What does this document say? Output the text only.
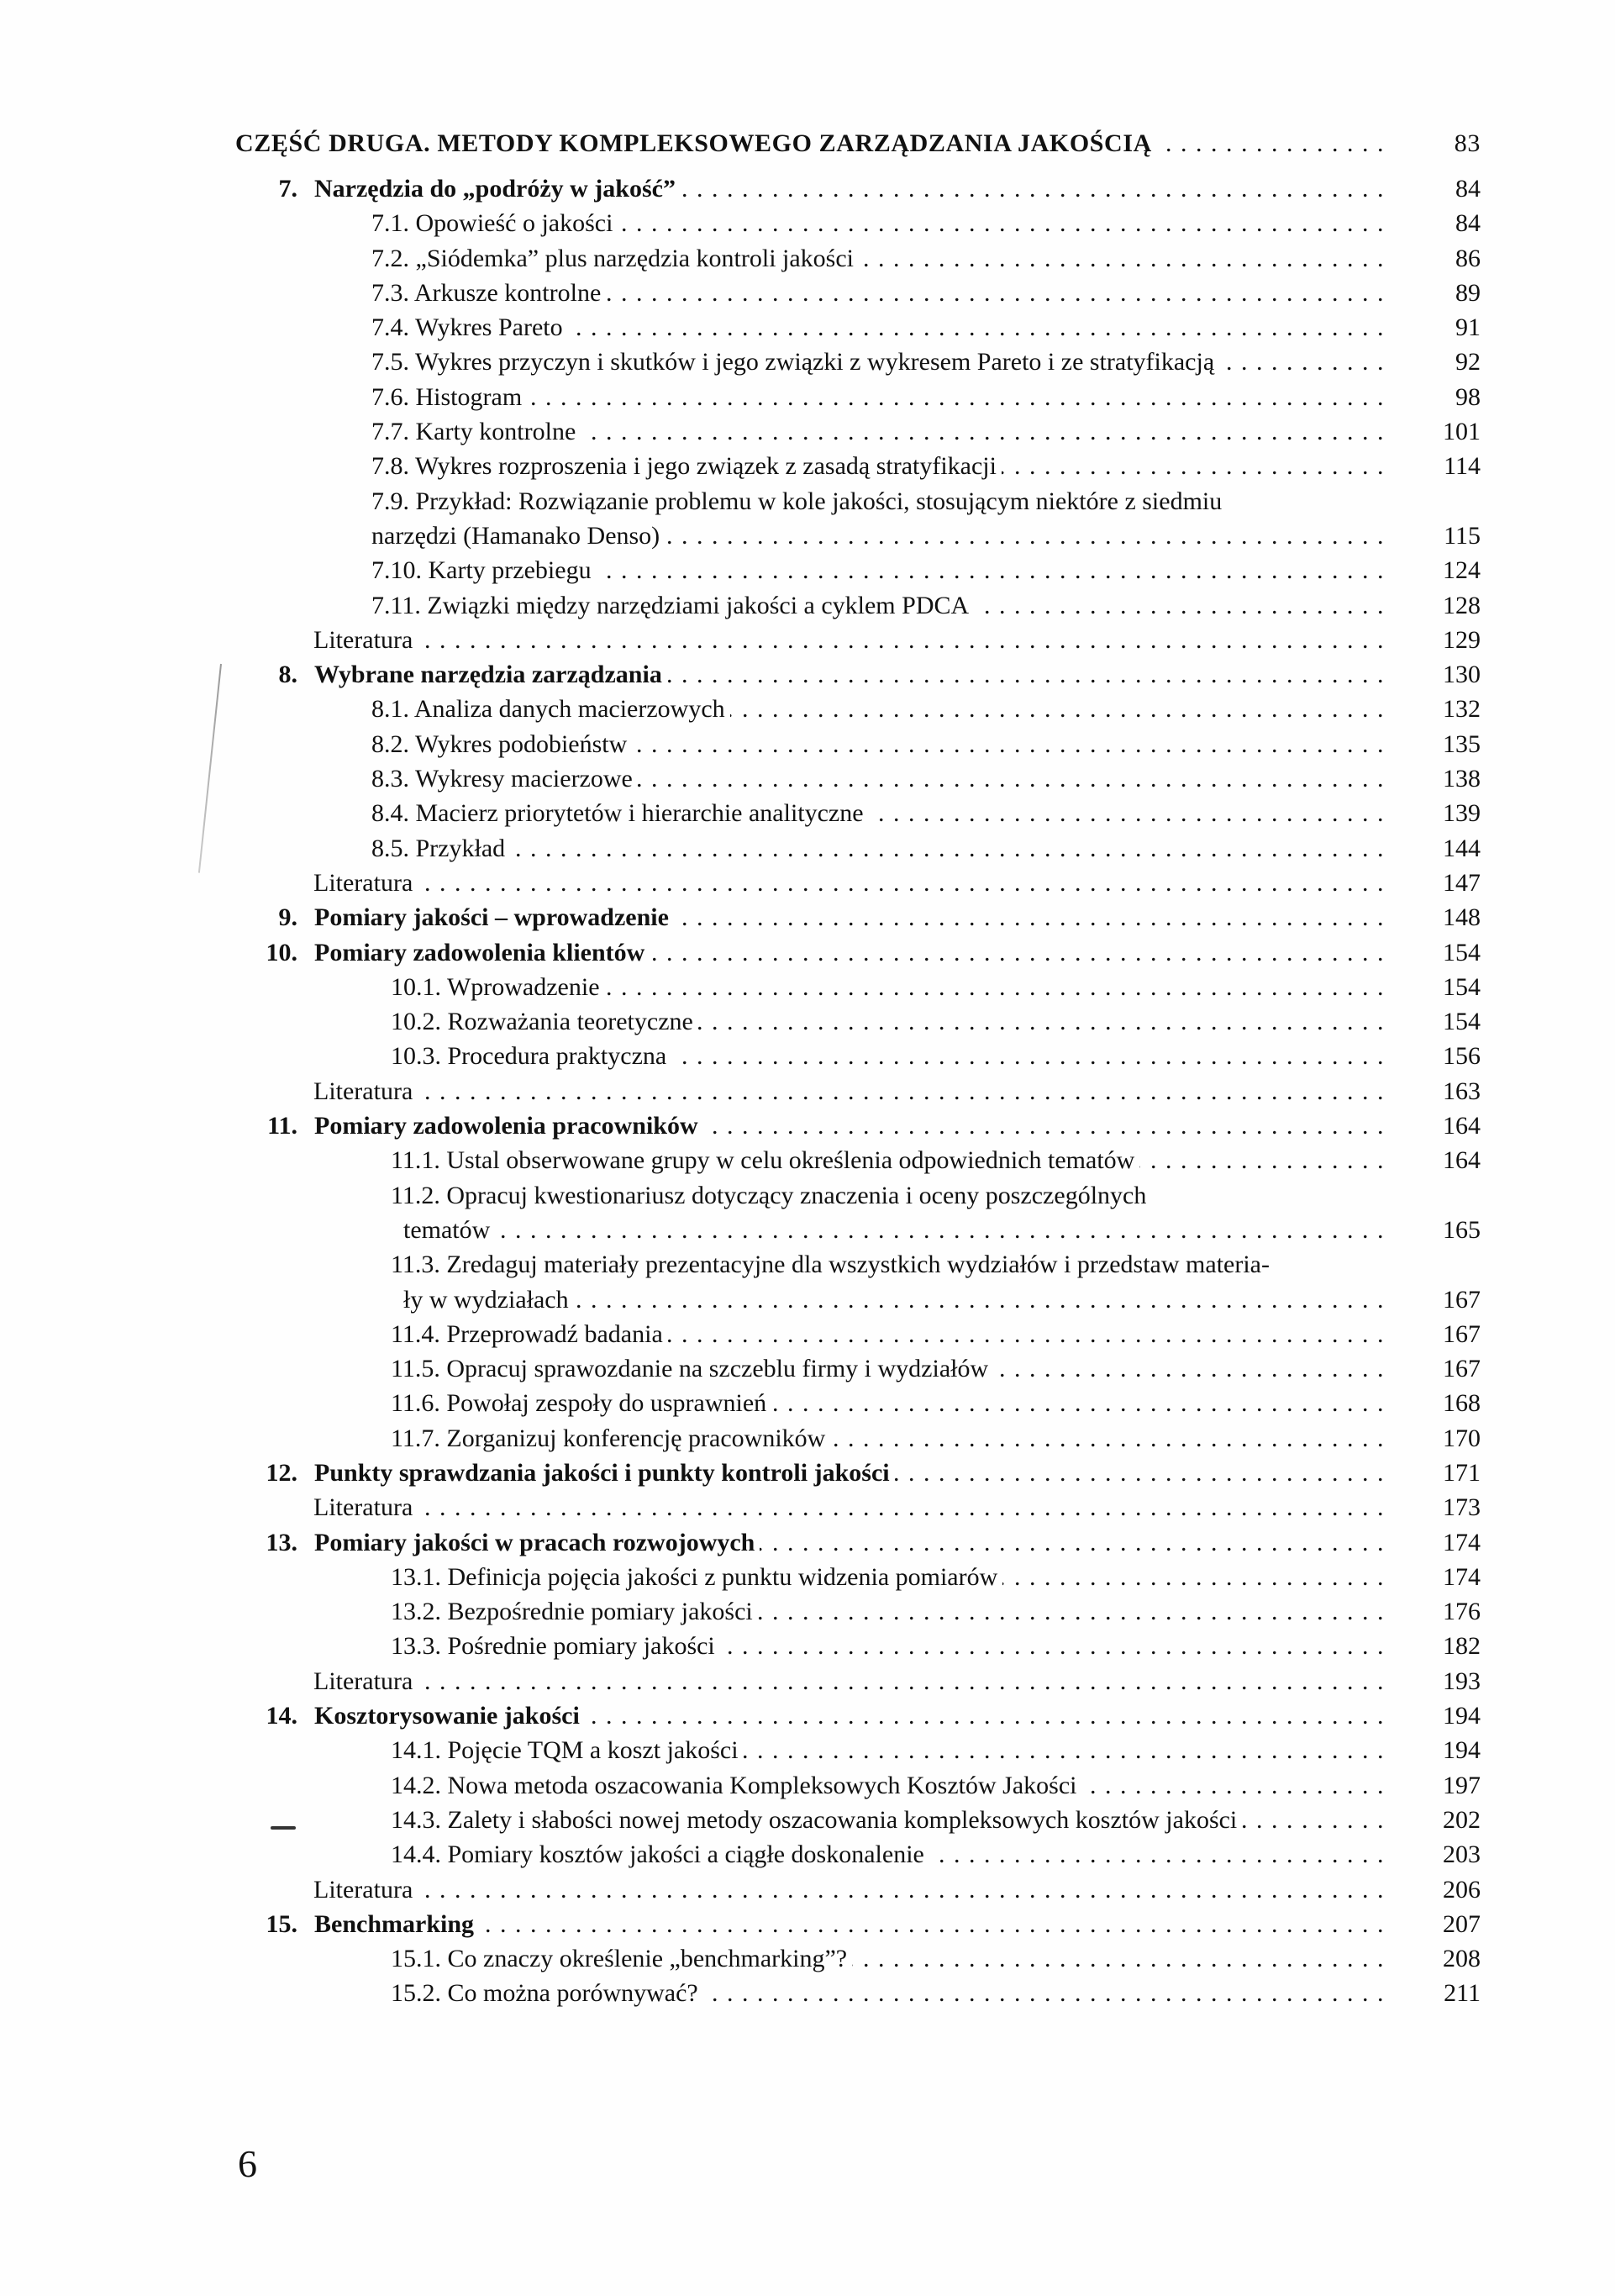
CZĘŚĆ DRUGA. METODY KOMPLEKSOWEGO ZARZĄDZANIA JAKOŚCIĄ . . .	83
7. Narzędzia do „podróży w jakość” . . .	84
7.1. Opowieść o jakości . . .	84
7.2. „Siódemka” plus narzędzia kontroli jakości . . .	86
7.3. Arkusze kontrolne . . .	89
7.4. Wykres Pareto . . .	91
7.5. Wykres przyczyn i skutków i jego związki z wykresem Pareto i ze stratyfikacją . . .	92
7.6. Histogram . . .	98
7.7. Karty kontrolne . . .	101
7.8. Wykres rozproszenia i jego związek z zasadą stratyfikacji . . .	114
7.9. Przykład: Rozwiązanie problemu w kole jakości, stosującym niektóre z siedmiu
narzędzi (Hamanako Denso) . . .	115
7.10. Karty przebiegu . . .	124
7.11. Związki między narzędziami jakości a cyklem PDCA . . .	128
Literatura . . .	129
8. Wybrane narzędzia zarządzania . . .	130
8.1. Analiza danych macierzowych . . .	132
8.2. Wykres podobieństw . . .	135
8.3. Wykresy macierzowe . . .	138
8.4. Macierz priorytetów i hierarchie analityczne . . .	139
8.5. Przykład . . .	144
Literatura . . .	147
9. Pomiary jakości – wprowadzenie . . .	148
10. Pomiary zadowolenia klientów . . .	154
10.1. Wprowadzenie . . .	154
10.2. Rozważania teoretyczne . . .	154
10.3. Procedura praktyczna . . .	156
Literatura . . .	163
11. Pomiary zadowolenia pracowników . . .	164
11.1. Ustal obserwowane grupy w celu określenia odpowiednich tematów . . .	164
11.2. Opracuj kwestionariusz dotyczący znaczenia i oceny poszczególnych
tematów . . .	165
11.3. Zredaguj materiały prezentacyjne dla wszystkich wydziałów i przedstaw materia-
ły w wydziałach . . .	167
11.4. Przeprowadź badania . . .	167
11.5. Opracuj sprawozdanie na szczeblu firmy i wydziałów . . .	167
11.6. Powołaj zespoły do usprawnień . . .	168
11.7. Zorganizuj konferencję pracowników . . .	170
12. Punkty sprawdzania jakości i punkty kontroli jakości . . .	171
Literatura . . .	173
13. Pomiary jakości w pracach rozwojowych . . .	174
13.1. Definicja pojęcia jakości z punktu widzenia pomiarów . . .	174
13.2. Bezpośrednie pomiary jakości . . .	176
13.3. Pośrednie pomiary jakości . . .	182
Literatura . . .	193
14. Kosztorysowanie jakości . . .	194
14.1. Pojęcie TQM a koszt jakości . . .	194
14.2. Nowa metoda oszacowania Kompleksowych Kosztów Jakości . . .	197
14.3. Zalety i słabości nowej metody oszacowania kompleksowych kosztów jakości . . .	202
14.4. Pomiary kosztów jakości a ciągłe doskonalenie . . .	203
Literatura . . .	206
15. Benchmarking . . .	207
15.1. Co znaczy określenie „benchmarking”? . . .	208
15.2. Co można porównywać? . . .	211
6
